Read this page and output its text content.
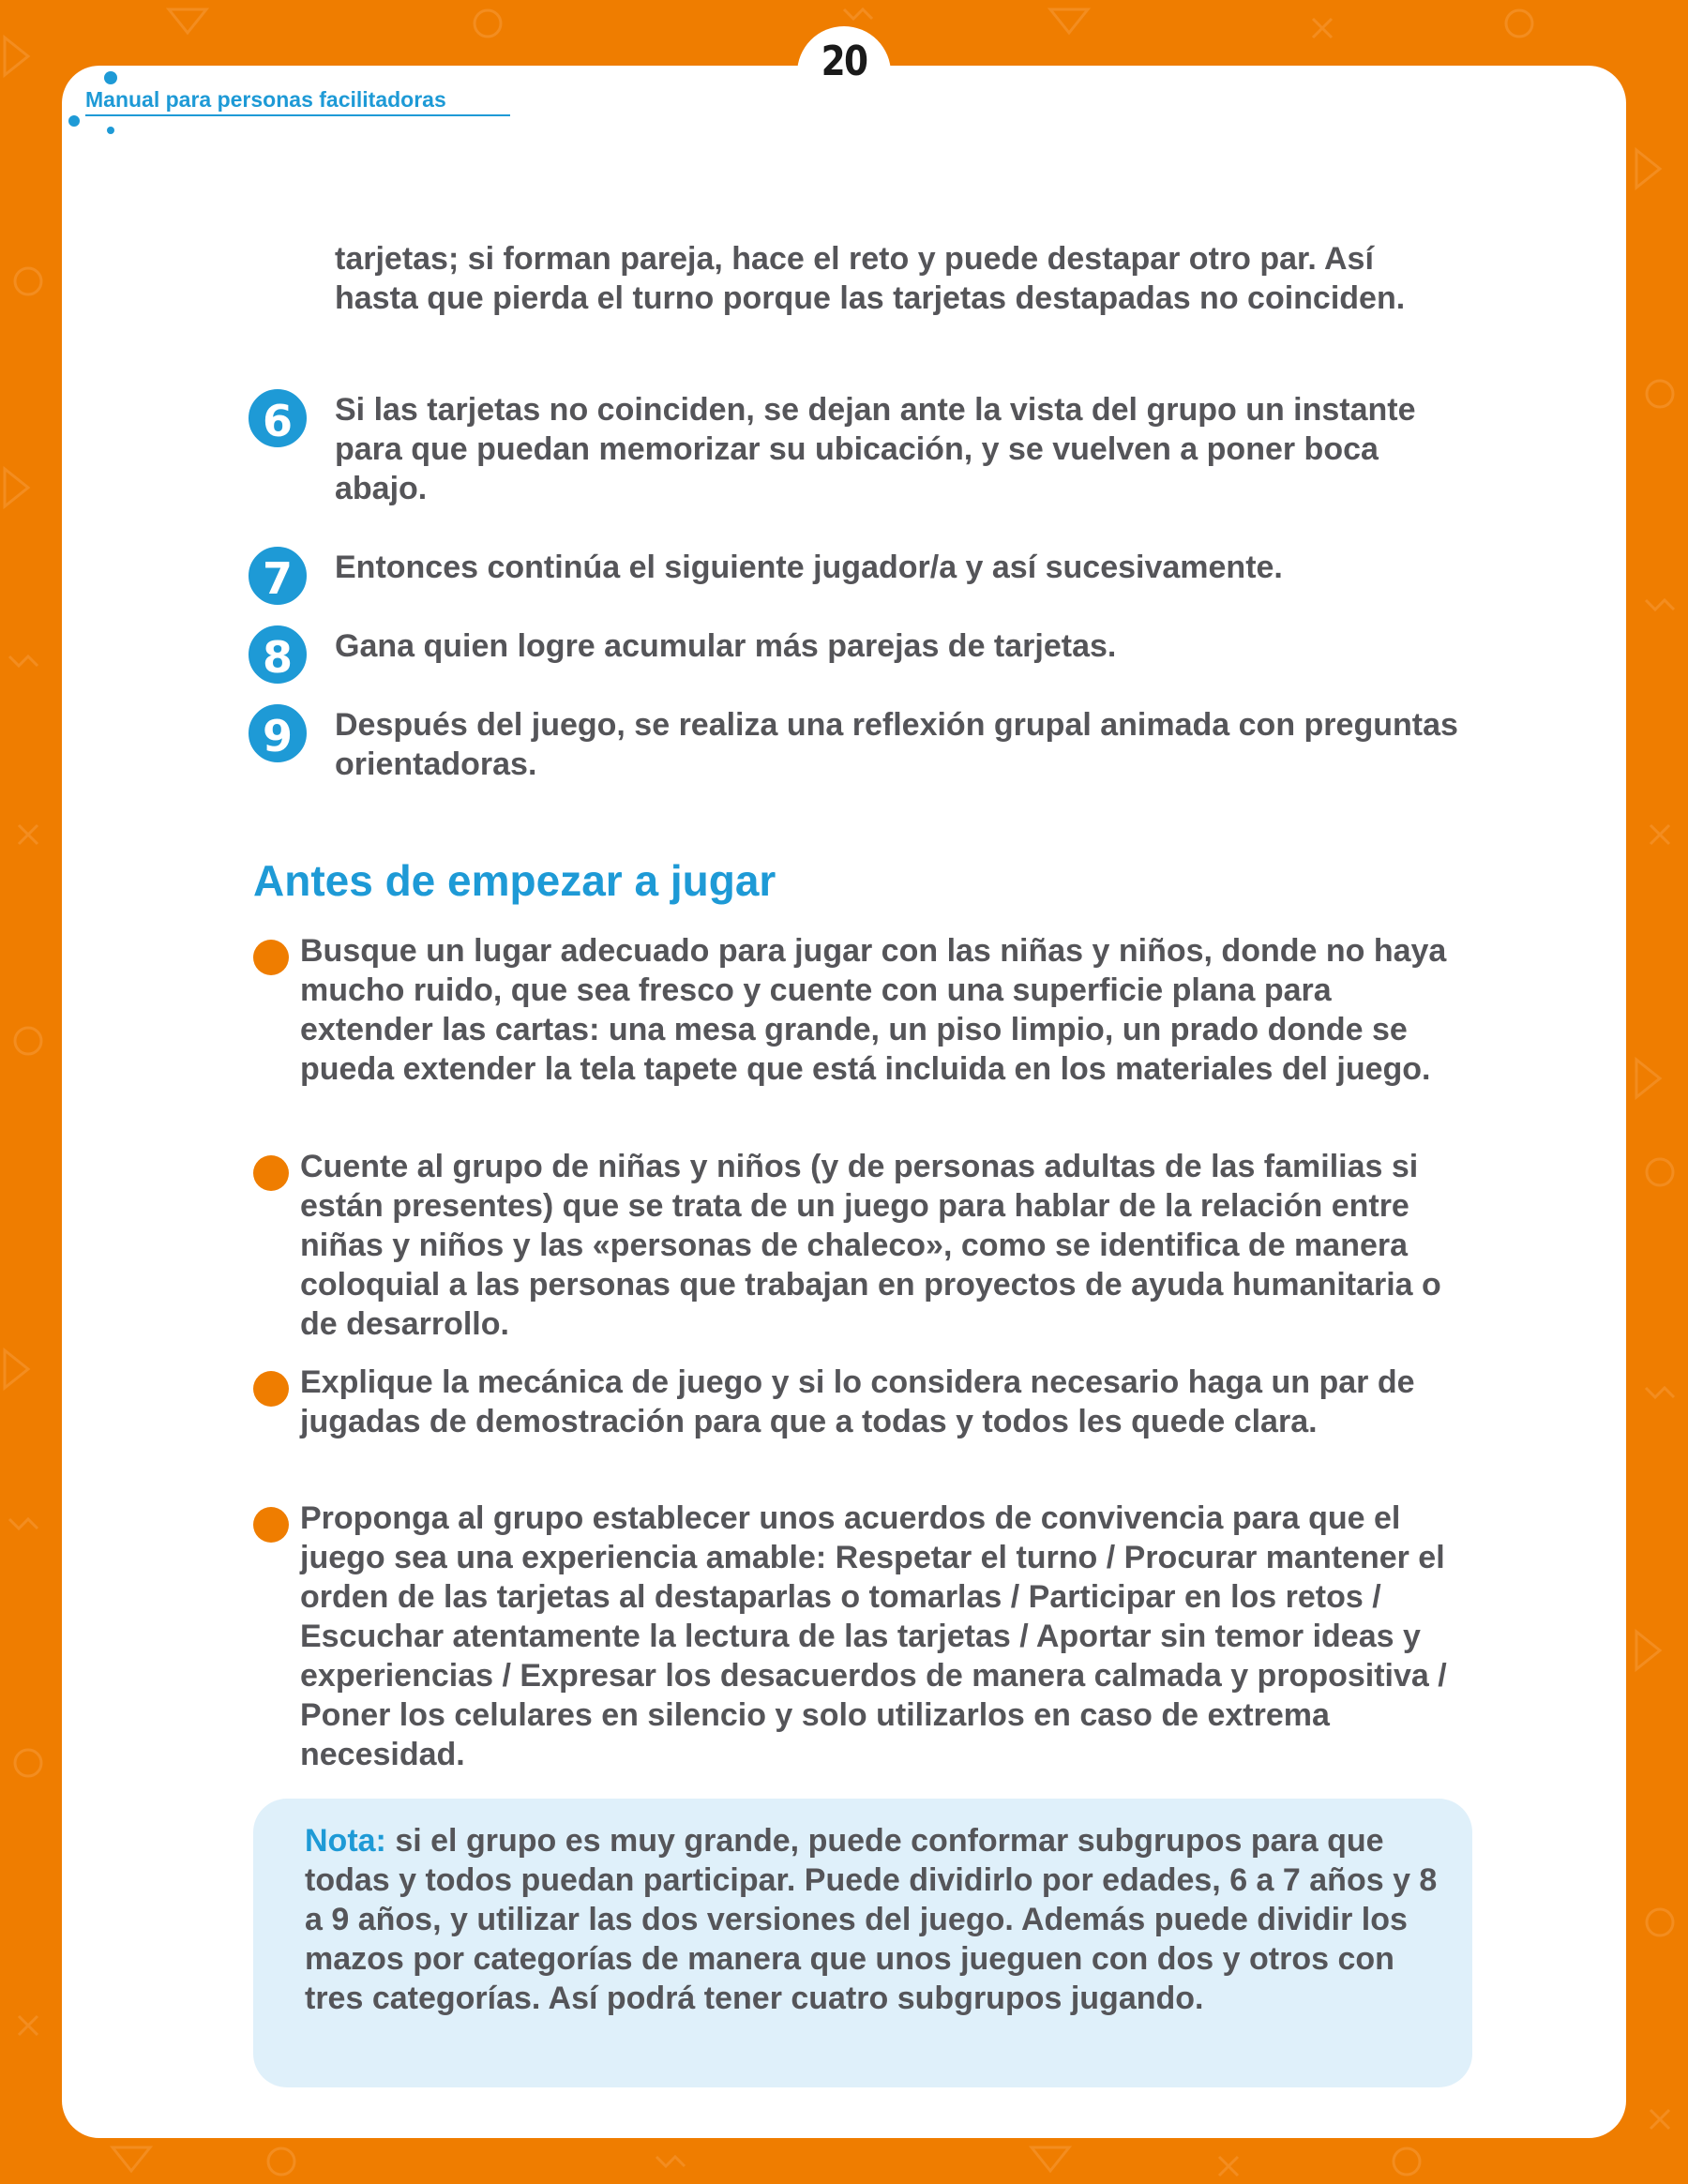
20
Manual para personas facilitadoras
tarjetas; si forman pareja, hace el reto y puede destapar otro par. Así hasta que pierda el turno porque las tarjetas destapadas no coinciden.
6	Si las tarjetas no coinciden, se dejan ante la vista del grupo un instante para que puedan memorizar su ubicación, y se vuelven a poner boca abajo.
7	Entonces continúa el siguiente jugador/a y así sucesivamente.
8	Gana quien logre acumular más parejas de tarjetas.
9	Después del juego, se realiza una reflexión grupal animada con preguntas orientadoras.
Antes de empezar a jugar
Busque un lugar adecuado para jugar con las niñas y niños, donde no haya mucho ruido, que sea fresco y cuente con una superficie plana para extender las cartas: una mesa grande, un piso limpio, un prado donde se pueda extender la tela tapete que está incluida en los materiales del juego.
Cuente al grupo de niñas y niños (y de personas adultas de las familias si están presentes) que se trata de un juego para hablar de la relación entre niñas y niños y las «personas de chaleco», como se identifica de manera coloquial a las personas que trabajan en proyectos de ayuda humanitaria o de desarrollo.
Explique la mecánica de juego y si lo considera necesario haga un par de jugadas de demostración para que a todas y todos les quede clara.
Proponga al grupo establecer unos acuerdos de convivencia para que el juego sea una experiencia amable: Respetar el turno / Procurar mantener el orden de las tarjetas al destaparlas o tomarlas / Participar en los retos / Escuchar atentamente la lectura de las tarjetas / Aportar sin temor ideas y experiencias / Expresar los desacuerdos de manera calmada y propositiva / Poner los celulares en silencio y solo utilizarlos en caso de extrema necesidad.
Nota: si el grupo es muy grande, puede conformar subgrupos para que todas y todos puedan participar. Puede dividirlo por edades, 6 a 7 años y 8 a 9 años, y utilizar las dos versiones del juego. Además puede dividir los mazos por categorías de manera que unos jueguen con dos y otros con tres categorías. Así podrá tener cuatro subgrupos jugando.
